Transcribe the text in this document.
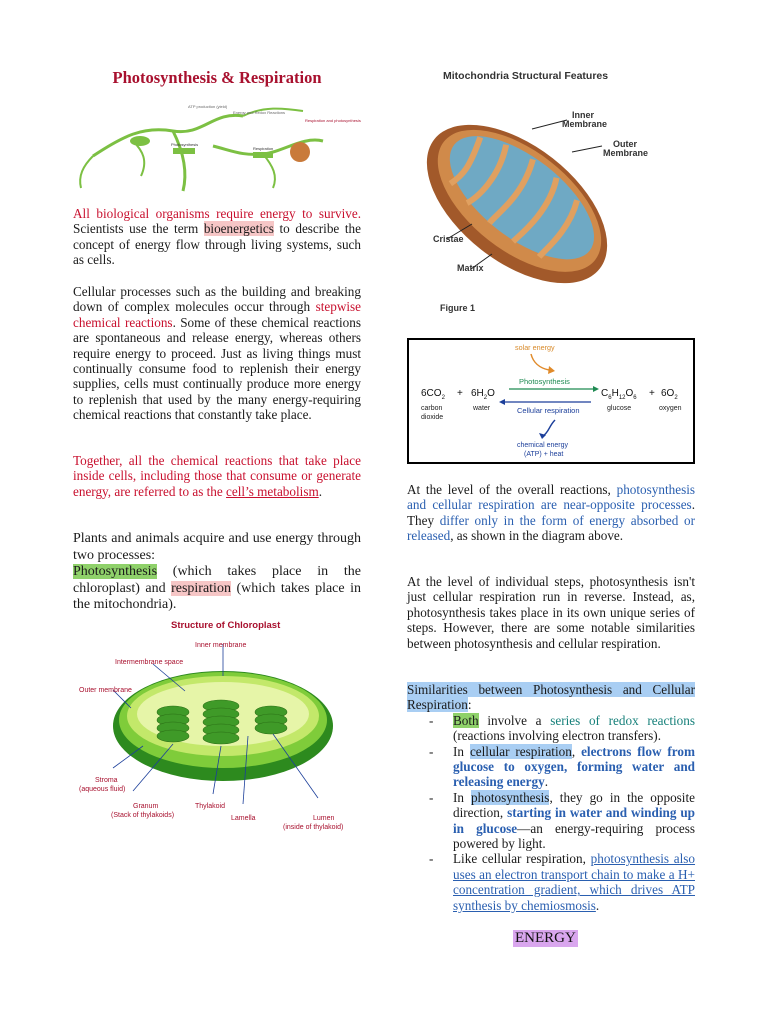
Photosynthesis & Respiration
ATP production (yield)
Energy and Redox Reactions
Respiration and photosynthesis
Photosynthesis
Respiration
All biological organisms require energy to survive. Scientists use the term bioenergetics to describe the concept of energy flow through living systems, such as cells.
Cellular processes such as the building and breaking down of complex molecules occur through stepwise chemical reactions. Some of these chemical reactions are spontaneous and release energy, whereas others require energy to proceed. Just as living things must continually consume food to replenish their energy supplies, cells must continually produce more energy to replenish that used by the many energy-requiring chemical reactions that constantly take place.
Together, all the chemical reactions that take place inside cells, including those that consume or generate energy, are referred to as the cell’s metabolism.
Plants and animals acquire and use energy through two processes:
Photosynthesis (which takes place in the chloroplast) and respiration (which takes place in the mitochondria).
Structure of Chloroplast
Inner membrane
Intermembrane space
Outer membrane
Stroma
(aqueous fluid)
Granum
(Stack of thylakoids)
Thylakoid
Lamella	Lumen
(inside of thylakoid)
Mitochondria Structural Features
Inner
Membrane
Outer
Membrane
Cristae
Matrix
Figure 1
solar energy
Photosynthesis
Cellular respiration
$6CO_2 + 6H_2O$	$C_6H_{12}O_6 + 6O_2$
carbon
dioxide
water	glucose	oxygen
chemical energy
(ATP) + heat
At the level of the overall reactions, photosynthesis and cellular respiration are near-opposite processes. They differ only in the form of energy absorbed or released, as shown in the diagram above.
At the level of individual steps, photosynthesis isn't just cellular respiration run in reverse. Instead, as, photosynthesis takes place in its own unique series of steps. However, there are some notable similarities between photosynthesis and cellular respiration.
Similarities between Photosynthesis and Cellular Respiration:
- Both involve a series of redox reactions (reactions involving electron transfers).
- In cellular respiration, electrons flow from glucose to oxygen, forming water and releasing energy.
- In photosynthesis, they go in the opposite direction, starting in water and winding up in glucose—an energy-requiring process powered by light.
- Like cellular respiration, photosynthesis also uses an electron transport chain to make a H+ concentration gradient, which drives ATP synthesis by chemiosmosis.
ENERGY
